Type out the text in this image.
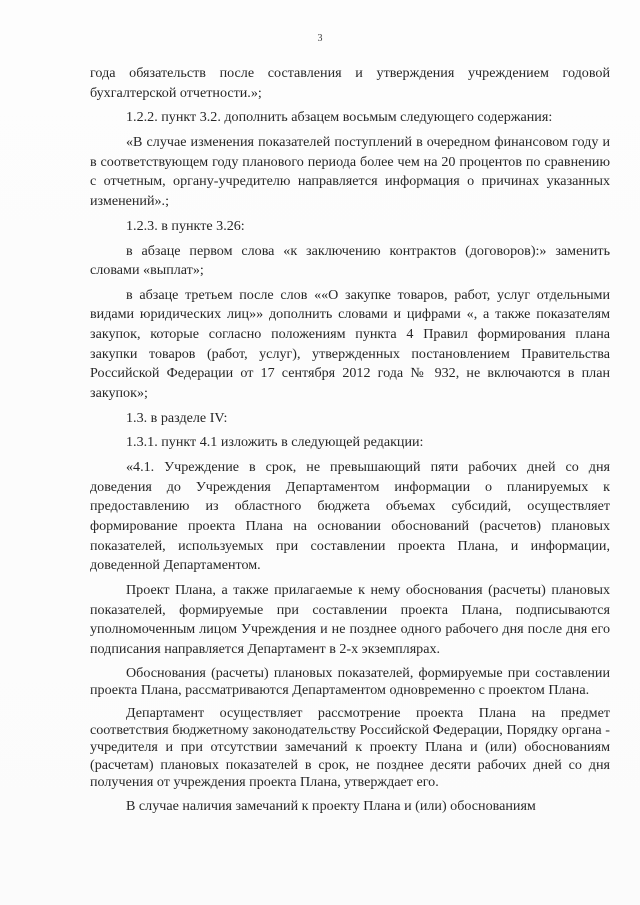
3

года обязательств после составления и утверждения учреждением годовой бухгалтерской отчетности.»;

1.2.2. пункт 3.2. дополнить абзацем восьмым следующего содержания:

«В случае изменения показателей поступлений в очередном финансовом году и в соответствующем году планового периода более чем на 20 процентов по сравнению с отчетным, органу-учредителю направляется информация о причинах указанных изменений».;

1.2.3. в пункте 3.26:

в абзаце первом слова «к заключению контрактов (договоров):» заменить словами «выплат»;

в абзаце третьем после слов ««О закупке товаров, работ, услуг отдельными видами юридических лиц»» дополнить словами и цифрами «, а также показателям закупок, которые согласно положениям пункта 4 Правил формирования плана закупки товаров (работ, услуг), утвержденных постановлением Правительства Российской Федерации от 17 сентября 2012 года № 932, не включаются в план закупок»;

1.3. в разделе IV:

1.3.1. пункт 4.1 изложить в следующей редакции:

«4.1. Учреждение в срок, не превышающий пяти рабочих дней со дня доведения до Учреждения Департаментом информации о планируемых к предоставлению из областного бюджета объемах субсидий, осуществляет формирование проекта Плана на основании обоснований (расчетов) плановых показателей, используемых при составлении проекта Плана, и информации, доведенной Департаментом.

Проект Плана, а также прилагаемые к нему обоснования (расчеты) плановых показателей, формируемые при составлении проекта Плана, подписываются уполномоченным лицом Учреждения и не позднее одного рабочего дня после дня его подписания направляется Департамент в 2-х экземплярах.

Обоснования (расчеты) плановых показателей, формируемые при составлении проекта Плана, рассматриваются Департаментом одновременно с проектом Плана.

Департамент осуществляет рассмотрение проекта Плана на предмет соответствия бюджетному законодательству Российской Федерации, Порядку органа - учредителя и при отсутствии замечаний к проекту Плана и (или) обоснованиям (расчетам) плановых показателей в срок, не позднее десяти рабочих дней со дня получения от учреждения проекта Плана, утверждает его.

В случае наличия замечаний к проекту Плана и (или) обоснованиям
